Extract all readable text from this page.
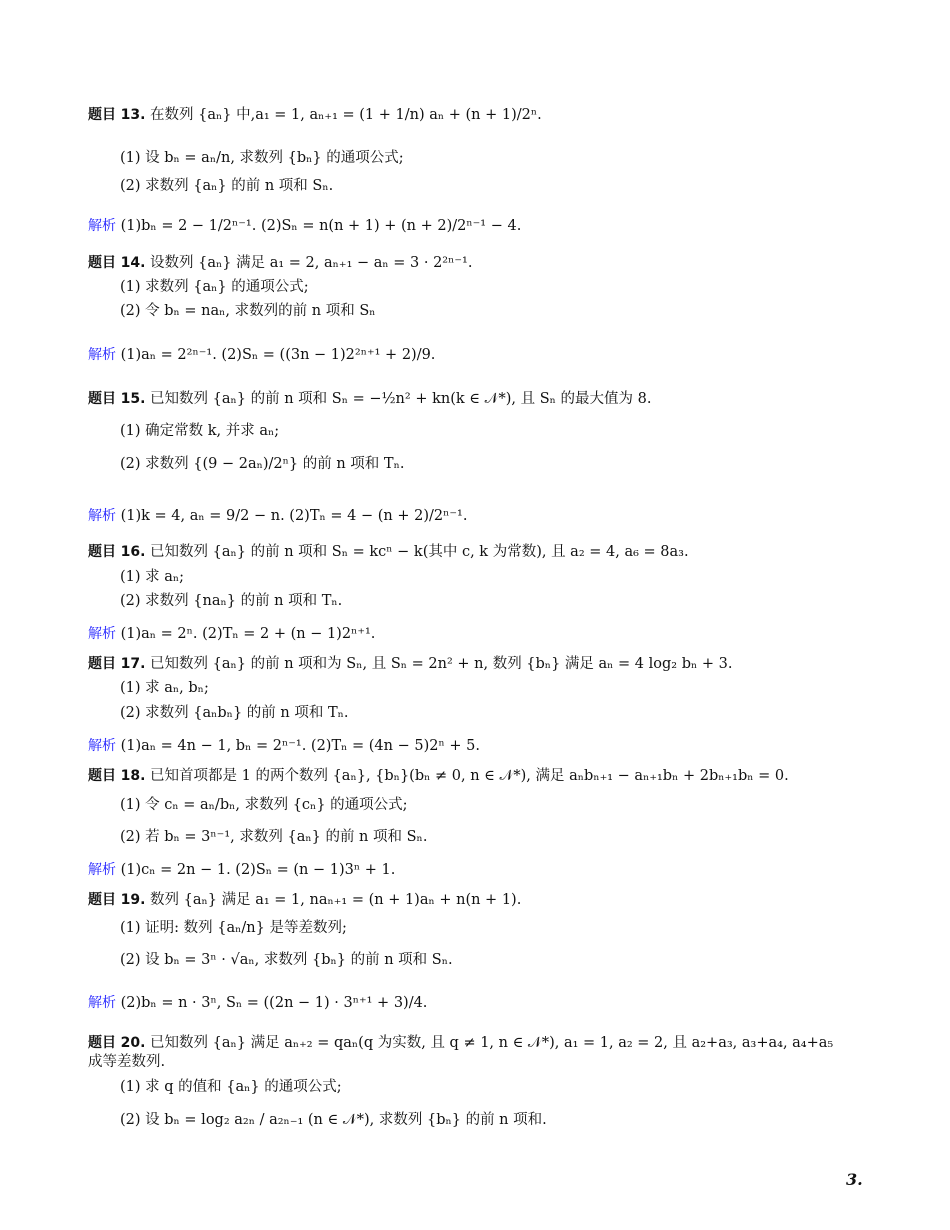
题目 13. 在数列 {aₙ} 中,a₁ = 1, aₙ₊₁ = (1 + 1/n) aₙ + (n + 1)/2ⁿ.
(1) 设 bₙ = aₙ/n, 求数列 {bₙ} 的通项公式;
(2) 求数列 {aₙ} 的前 n 项和 Sₙ.
解析 (1)bₙ = 2 − 1/2ⁿ⁻¹. (2)Sₙ = n(n + 1) + (n + 2)/2ⁿ⁻¹ − 4.
题目 14. 设数列 {aₙ} 满足 a₁ = 2, aₙ₊₁ − aₙ = 3 · 2²ⁿ⁻¹.
(1) 求数列 {aₙ} 的通项公式;
(2) 令 bₙ = naₙ, 求数列的前 n 项和 Sₙ
解析 (1)aₙ = 2²ⁿ⁻¹. (2)Sₙ = ((3n − 1)2²ⁿ⁺¹ + 2)/9.
题目 15. 已知数列 {aₙ} 的前 n 项和 Sₙ = −½n² + kn(k ∈ 𝒩*), 且 Sₙ 的最大值为 8.
(1) 确定常数 k, 并求 aₙ;
(2) 求数列 {(9 − 2aₙ)/2ⁿ} 的前 n 项和 Tₙ.
解析 (1)k = 4, aₙ = 9/2 − n. (2)Tₙ = 4 − (n + 2)/2ⁿ⁻¹.
题目 16. 已知数列 {aₙ} 的前 n 项和 Sₙ = kcⁿ − k(其中 c, k 为常数), 且 a₂ = 4, a₆ = 8a₃.
(1) 求 aₙ;
(2) 求数列 {naₙ} 的前 n 项和 Tₙ.
解析 (1)aₙ = 2ⁿ. (2)Tₙ = 2 + (n − 1)2ⁿ⁺¹.
题目 17. 已知数列 {aₙ} 的前 n 项和为 Sₙ, 且 Sₙ = 2n² + n, 数列 {bₙ} 满足 aₙ = 4 log₂ bₙ + 3.
(1) 求 aₙ, bₙ;
(2) 求数列 {aₙbₙ} 的前 n 项和 Tₙ.
解析 (1)aₙ = 4n − 1, bₙ = 2ⁿ⁻¹. (2)Tₙ = (4n − 5)2ⁿ + 5.
题目 18. 已知首项都是 1 的两个数列 {aₙ}, {bₙ}(bₙ ≠ 0, n ∈ 𝒩*), 满足 aₙbₙ₊₁ − aₙ₊₁bₙ + 2bₙ₊₁bₙ = 0.
(1) 令 cₙ = aₙ/bₙ, 求数列 {cₙ} 的通项公式;
(2) 若 bₙ = 3ⁿ⁻¹, 求数列 {aₙ} 的前 n 项和 Sₙ.
解析 (1)cₙ = 2n − 1. (2)Sₙ = (n − 1)3ⁿ + 1.
题目 19. 数列 {aₙ} 满足 a₁ = 1, naₙ₊₁ = (n + 1)aₙ + n(n + 1).
(1) 证明: 数列 {aₙ/n} 是等差数列;
(2) 设 bₙ = 3ⁿ · √aₙ, 求数列 {bₙ} 的前 n 项和 Sₙ.
解析 (2)bₙ = n · 3ⁿ, Sₙ = ((2n − 1) · 3ⁿ⁺¹ + 3)/4.
题目 20. 已知数列 {aₙ} 满足 aₙ₊₂ = qaₙ(q 为实数, 且 q ≠ 1, n ∈ 𝒩*), a₁ = 1, a₂ = 2, 且 a₂+a₃, a₃+a₄, a₄+a₅
成等差数列.
(1) 求 q 的值和 {aₙ} 的通项公式;
(2) 设 bₙ = log₂ a₂ₙ / a₂ₙ₋₁ (n ∈ 𝒩*), 求数列 {bₙ} 的前 n 项和.
3.
